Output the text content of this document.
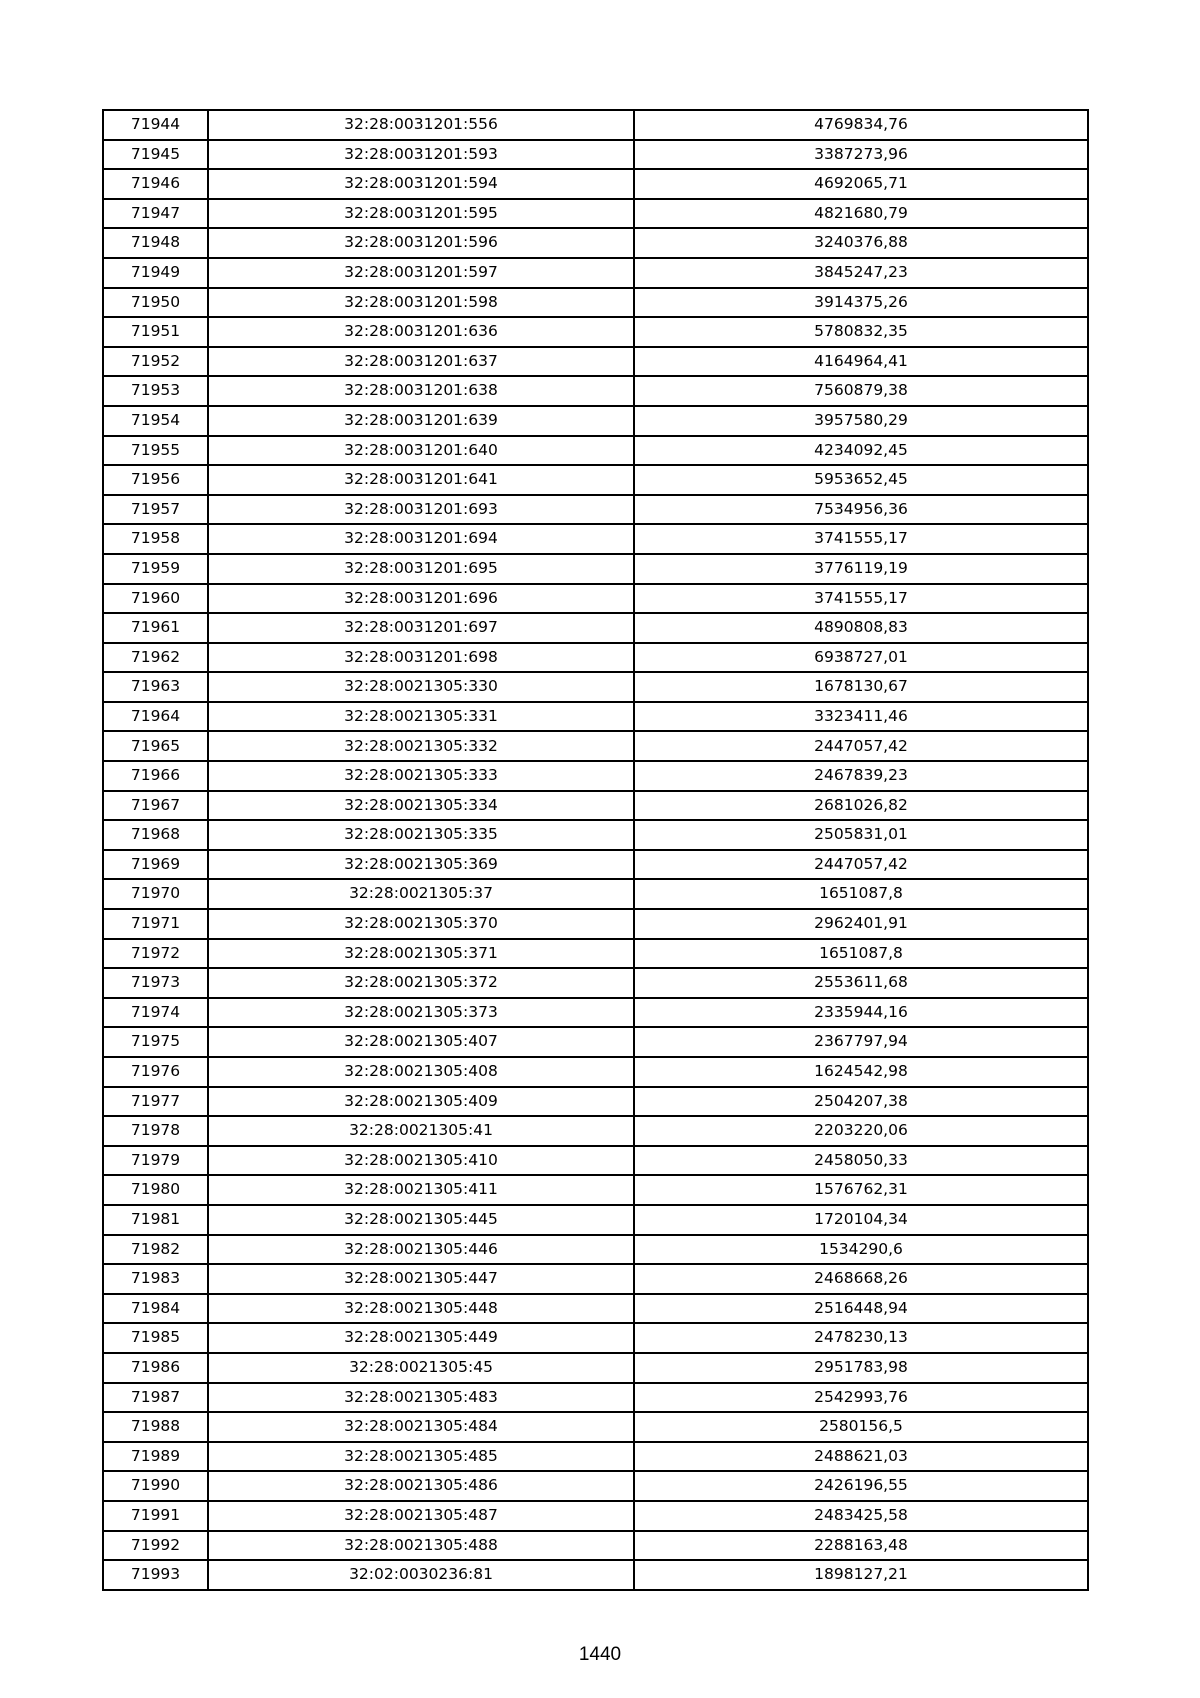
71944	32:28:0031201:556	4769834,76
71945	32:28:0031201:593	3387273,96
71946	32:28:0031201:594	4692065,71
71947	32:28:0031201:595	4821680,79
71948	32:28:0031201:596	3240376,88
71949	32:28:0031201:597	3845247,23
71950	32:28:0031201:598	3914375,26
71951	32:28:0031201:636	5780832,35
71952	32:28:0031201:637	4164964,41
71953	32:28:0031201:638	7560879,38
71954	32:28:0031201:639	3957580,29
71955	32:28:0031201:640	4234092,45
71956	32:28:0031201:641	5953652,45
71957	32:28:0031201:693	7534956,36
71958	32:28:0031201:694	3741555,17
71959	32:28:0031201:695	3776119,19
71960	32:28:0031201:696	3741555,17
71961	32:28:0031201:697	4890808,83
71962	32:28:0031201:698	6938727,01
71963	32:28:0021305:330	1678130,67
71964	32:28:0021305:331	3323411,46
71965	32:28:0021305:332	2447057,42
71966	32:28:0021305:333	2467839,23
71967	32:28:0021305:334	2681026,82
71968	32:28:0021305:335	2505831,01
71969	32:28:0021305:369	2447057,42
71970	32:28:0021305:37	1651087,8
71971	32:28:0021305:370	2962401,91
71972	32:28:0021305:371	1651087,8
71973	32:28:0021305:372	2553611,68
71974	32:28:0021305:373	2335944,16
71975	32:28:0021305:407	2367797,94
71976	32:28:0021305:408	1624542,98
71977	32:28:0021305:409	2504207,38
71978	32:28:0021305:41	2203220,06
71979	32:28:0021305:410	2458050,33
71980	32:28:0021305:411	1576762,31
71981	32:28:0021305:445	1720104,34
71982	32:28:0021305:446	1534290,6
71983	32:28:0021305:447	2468668,26
71984	32:28:0021305:448	2516448,94
71985	32:28:0021305:449	2478230,13
71986	32:28:0021305:45	2951783,98
71987	32:28:0021305:483	2542993,76
71988	32:28:0021305:484	2580156,5
71989	32:28:0021305:485	2488621,03
71990	32:28:0021305:486	2426196,55
71991	32:28:0021305:487	2483425,58
71992	32:28:0021305:488	2288163,48
71993	32:02:0030236:81	1898127,21
1440
